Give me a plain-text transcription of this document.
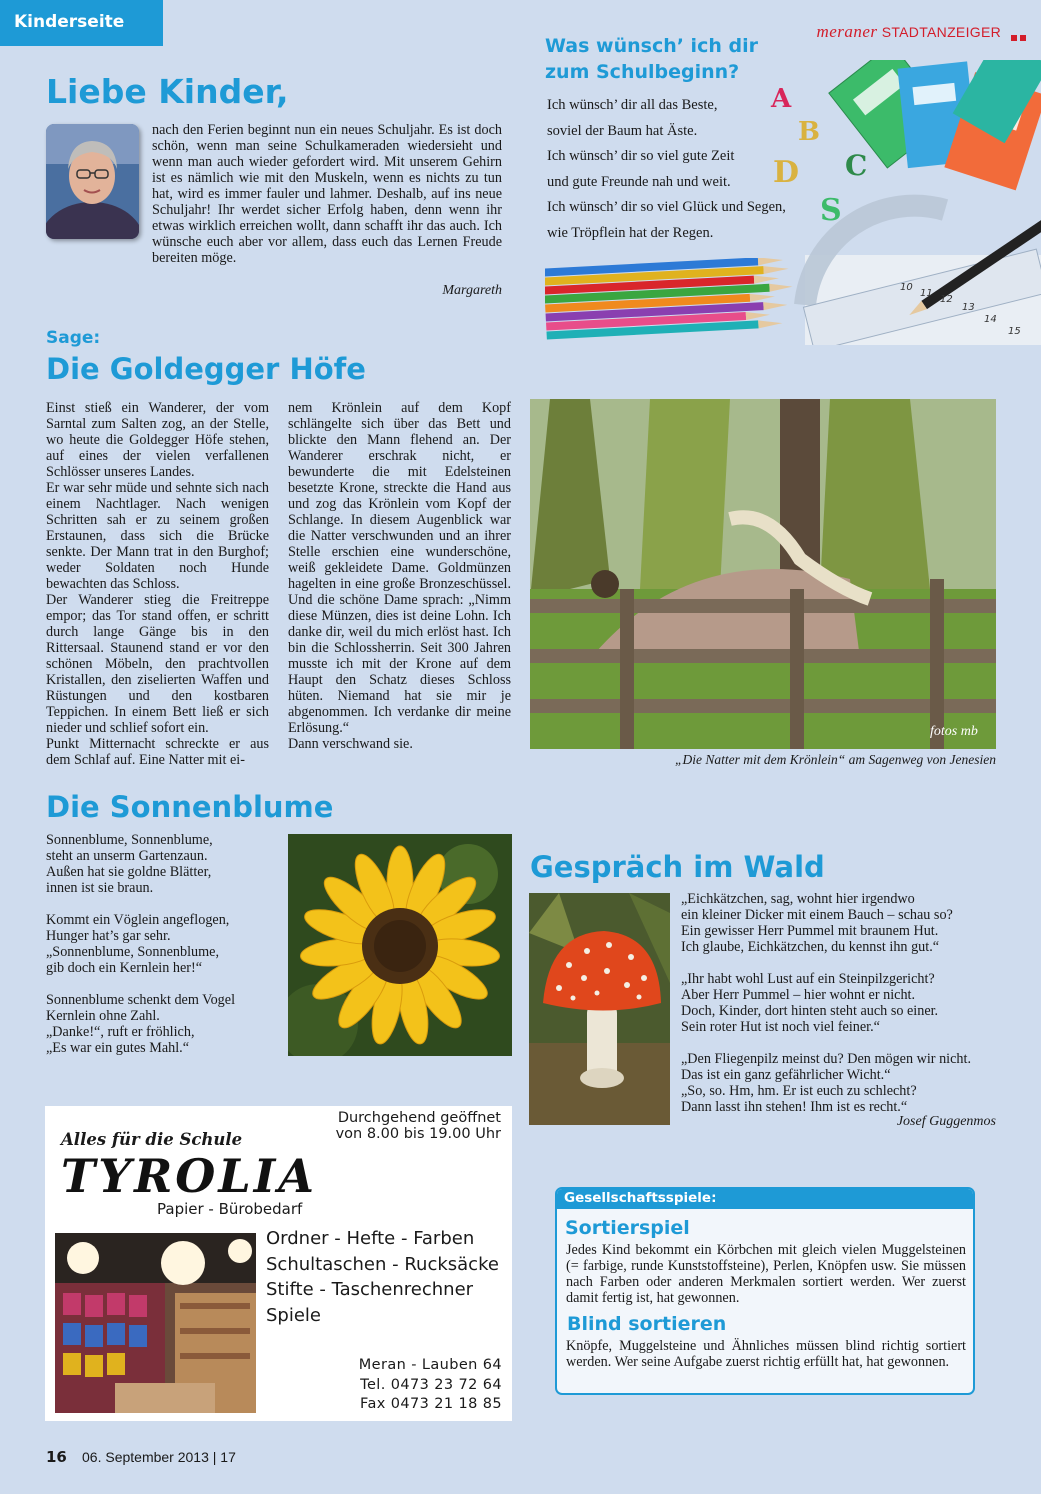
Kinderseite	meraner STADTANZEIGER
Liebe Kinder,
nach den Ferien beginnt nun ein neues Schuljahr. Es ist doch schön, wenn man seine Schulkameraden wiedersieht und wenn man auch wieder gefordert wird. Mit unserem Gehirn ist es nämlich wie mit den Muskeln, wenn es nichts zu tun hat, wird es immer fauler und lahmer. Deshalb, auf ins neue Schuljahr! Ihr werdet sicher Erfolg haben, denn wenn ihr etwas wirklich erreichen wollt, dann schafft ihr das auch. Ich wünsche euch aber vor allem, dass euch das Lernen Freude bereiten möge.
Margareth
Was wünsch’ ich dir
zum Schulbeginn?
Ich wünsch’ dir all das Beste,
soviel der Baum hat Äste.
Ich wünsch’ dir so viel gute Zeit
und gute Freunde nah und weit.
Ich wünsch’ dir so viel Glück und Segen,
wie Tröpflein hat der Regen.
A
B
C
D
S
10
11
12
13
14
15
Sage:
Die Goldegger Höfe

Einst stieß ein Wanderer, der vom Sarntal zum Salten zog, an der Stelle, wo heute die Goldegger Höfe stehen, auf eines der vielen verfallenen Schlösser unseres Landes.

Er war sehr müde und sehnte sich nach einem Nachtlager. Nach wenigen Schritten sah er zu seinem großen Erstaunen, dass sich die Brücke senkte. Der Mann trat in den Burghof; weder Soldaten noch Hunde bewachten das Schloss.

Der Wanderer stieg die Freitreppe empor; das Tor stand offen, er schritt durch lange Gänge bis in den Rittersaal. Staunend stand er vor den schönen Möbeln, den prachtvollen Kristallen, den ziselierten Waffen und Rüstungen und den kostbaren Teppichen. In einem Bett ließ er sich nieder und schlief sofort ein.

Punkt Mitternacht schreckte er aus dem Schlaf auf. Eine Natter mit ei-

nem Krönlein auf dem Kopf schlängelte sich über das Bett und blickte den Mann flehend an. Der Wanderer erschrak nicht, er bewunderte die mit Edelsteinen besetzte Krone, streckte die Hand aus und zog das Krönlein vom Kopf der Schlange. In diesem Augenblick war die Natter verschwunden und an ihrer Stelle erschien eine wunderschöne, weiß gekleidete Dame. Goldmünzen hagelten in eine große Bronzeschüssel. Und die schöne Dame sprach: „Nimm diese Münzen, dies ist deine Lohn. Ich danke dir, weil du mich erlöst hast. Ich bin die Schlossherrin. Seit 300 Jahren musste ich mit der Krone auf dem Haupt den Schatz dieses Schloss hüten. Niemand hat sie mir je abgenommen. Ich verdanke dir meine Erlösung.“

Dann verschwand sie.

fotos mb
„Die Natter mit dem Krönlein“ am Sagenweg von Jenesien
Die Sonnenblume

Sonnenblume, Sonnenblume,

steht an unserm Gartenzaun.

Außen hat sie goldne Blätter,

innen ist sie braun.

Kommt ein Vöglein angeflogen,

Hunger hat’s gar sehr.

„Sonnenblume, Sonnenblume,

gib doch ein Kernlein her!“

Sonnenblume schenkt dem Vogel

Kernlein ohne Zahl.

„Danke!“, ruft er fröhlich,

„Es war ein gutes Mahl.“

Gespräch im Wald

„Eichkätzchen, sag, wohnt hier irgendwo

ein kleiner Dicker mit einem Bauch – schau so?

Ein gewisser Herr Pummel mit braunem Hut.

Ich glaube, Eichkätzchen, du kennst ihn gut.“

„Ihr habt wohl Lust auf ein Steinpilzgericht?

Aber Herr Pummel – hier wohnt er nicht.

Doch, Kinder, dort hinten steht auch so einer.

Sein roter Hut ist noch viel feiner.“

„Den Fliegenpilz meinst du? Den mögen wir nicht.

Das ist ein ganz gefährlicher Wicht.“

„So, so. Hm, hm. Er ist euch zu schlecht?

Dann lasst ihn stehen! Ihm ist es recht.“

Josef Guggenmos
Durchgehend geöffnet
von 8.00 bis 19.00 Uhr
Alles für die Schule
TYROLIA
Papier - Bürobedarf
Ordner - Hefte - Farben
Schultaschen - Rucksäcke
Stifte - Taschenrechner
Spiele
Meran - Lauben 64
Tel. 0473 23 72 64
Fax 0473 21 18 85
Gesellschaftsspiele:
Sortierspiel
Jedes Kind bekommt ein Körbchen mit gleich vielen Muggelsteinen (= farbige, runde Kunststoffsteine), Perlen, Knöpfen usw. Sie müssen nach Farben oder anderen Merkmalen sortiert werden. Wer zuerst damit fertig ist, hat gewonnen.
Blind sortieren
Knöpfe, Muggelsteine und Ähnliches müssen blind richtig sortiert werden. Wer seine Aufgabe zuerst richtig erfüllt hat, hat gewonnen.
16 06. September 2013 | 17
